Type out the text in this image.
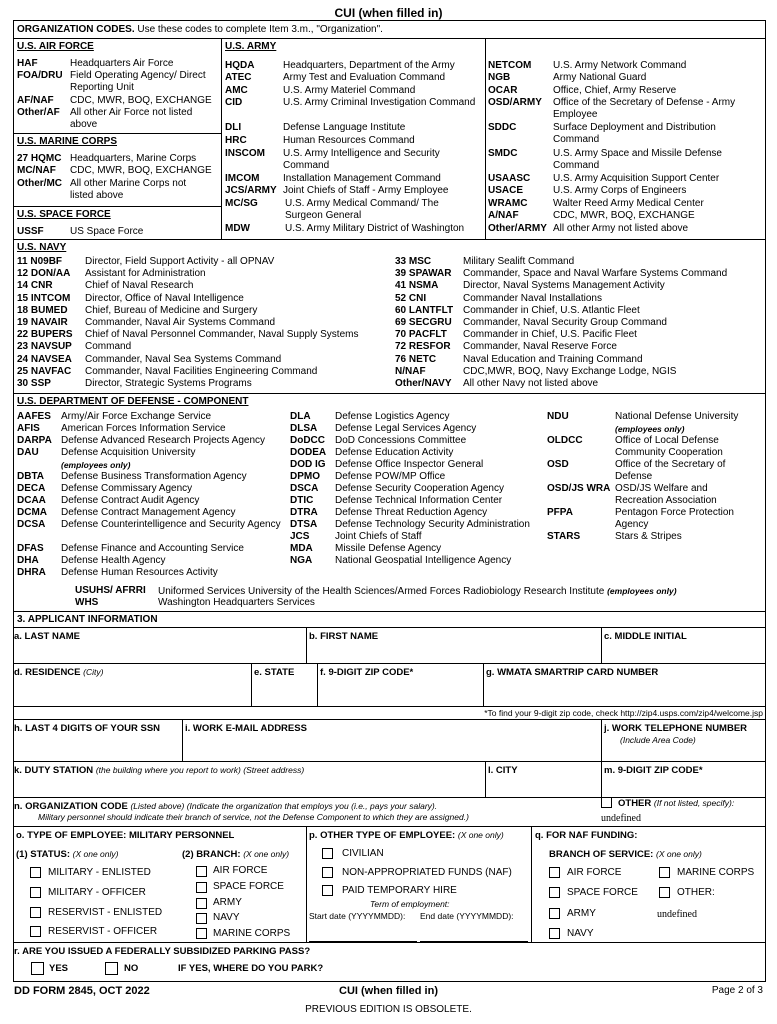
CUI (when filled in)
ORGANIZATION CODES. Use these codes to complete Item 3.m., "Organization".
U.S. AIR FORCE
HAF	Headquarters Air Force
FOA/DRU Field Operating Agency/ Direct Reporting Unit
AF/NAF CDC, MWR, BOQ, EXCHANGE
Other/AF All other Air Force not listed above
U.S. MARINE CORPS
27 HQMC Headquarters, Marine Corps
MC/NAF CDC, MWR, BOQ, EXCHANGE
Other/MC All other Marine Corps not listed above
U.S. SPACE FORCE
USSF	US Space Force
U.S. ARMY
HQDA	Headquarters, Department of the Army
ATEC	Army Test and Evaluation Command
AMC	U.S. Army Materiel Command
CID	U.S. Army Criminal Investigation Command
DLI	Defense Language Institute
HRC	Human Resources Command
INSCOM U.S. Army Intelligence and Security Command
IMCOM Installation Management Command
JCS/ARMY Joint Chiefs of Staff - Army Employee
MC/SG	U.S. Army Medical Command/ The Surgeon General
MDW	U.S. Army Military District of Washington
NETCOM U.S. Army Network Command
NGB	Army National Guard
OCAR	Office, Chief, Army Reserve
OSD/ARMY Office of the Secretary of Defense - Army Employee
SDDC	Surface Deployment and Distribution Command
SMDC	U.S. Army Space and Missile Defense Command
USAASC U.S. Army Acquisition Support Center
USACE	U.S. Army Corps of Engineers
WRAMC	Walter Reed Army Medical Center
A/NAF	CDC, MWR, BOQ, EXCHANGE
Other/ARMY All other Army not listed above
U.S. NAVY
11 N09BF Director, Field Support Activity - all OPNAV
12 DON/AA Assistant for Administration
14 CNR	Chief of Naval Research
15 INTCOM Director, Office of Naval Intelligence
18 BUMED Chief, Bureau of Medicine and Surgery
19 NAVAIR Commander, Naval Air Systems Command
22 BUPERS Chief of Naval Personnel Commander, Naval Supply Systems
23 NAVSUP Command
24 NAVSEA Commander, Naval Sea Systems Command
25 NAVFAC Commander, Naval Facilities Engineering Command
30 SSP	Director, Strategic Systems Programs
33 MSC	Military Sealift Command
39 SPAWAR Commander, Space and Naval Warfare Systems Command
41 NSMA Director, Naval Systems Management Activity
52 CNI	Commander Naval Installations
60 LANTFLT Commander in Chief, U.S. Atlantic Fleet
69 SECGRU Commander, Naval Security Group Command
70 PACFLT Commander in Chief, U.S. Pacific Fleet
72 RESFOR Commander, Naval Reserve Force
76 NETC	Naval Education and Training Command
N/NAF	CDC,MWR, BOQ, Navy Exchange Lodge, NGIS
Other/NAVY All other Navy not listed above
U.S. DEPARTMENT OF DEFENSE - COMPONENT
AAFES Army/Air Force Exchange Service
AFIS American Forces Information Service
DARPA Defense Advanced Research Projects Agency
DAU Defense Acquisition University
(employees only)
DBTA Defense Business Transformation Agency
DECA Defense Commissary Agency
DCAA Defense Contract Audit Agency
DCMA Defense Contract Management Agency
DCSA Defense Counterintelligence and Security Agency
DFAS Defense Finance and Accounting Service
DHA Defense Health Agency
DHRA Defense Human Resources Activity
DLA Defense Logistics Agency
DLSA Defense Legal Services Agency
DoDCC DoD Concessions Committee
DODEA Defense Education Activity
DOD IG Defense Office Inspector General
DPMO Defense POW/MP Office
DSCA Defense Security Cooperation Agency
DTIC Defense Technical Information Center
DTRA Defense Threat Reduction Agency
DTSA Defense Technology Security Administration
JCS	Joint Chiefs of Staff
MDA Missile Defense Agency
NGA National Geospatial Intelligence Agency
NDU	National Defense University
(employees only)
OLDCC	Office of Local Defense Community Cooperation
OSD	Office of the Secretary of Defense
OSD/JS WRA OSD/JS Welfare and Recreation Association
PFPA	Pentagon Force Protection Agency
STARS	Stars & Stripes
USUHS/ AFRRI Uniformed Services University of the Health Sciences/Armed Forces Radiobiology Research Institute (employees only)
WHS	Washington Headquarters Services
3. APPLICANT INFORMATION
a. LAST NAME	b. FIRST NAME	c. MIDDLE INITIAL
d. RESIDENCE (City)	e. STATE	f. 9-DIGIT ZIP CODE*	g. WMATA SMARTRIP CARD NUMBER
*To find your 9-digit zip code, check http://zip4.usps.com/zip4/welcome.jsp
h. LAST 4 DIGITS OF YOUR SSN	i. WORK E-MAIL ADDRESS	j. WORK TELEPHONE NUMBER
(Include Area Code)
k. DUTY STATION (the building where you report to work) (Street address)	l. CITY	m. 9-DIGIT ZIP CODE*
n. ORGANIZATION CODE (Listed above) (Indicate the organization that employs you (i.e., pays your salary).
Military personnel should indicate their branch of service, not the Defense Component to which they are assigned.)
OTHER (If not listed, specify):
undefined
o. TYPE OF EMPLOYEE: MILITARY PERSONNEL
(1) STATUS: (X one only)
MILITARY - ENLISTED
MILITARY - OFFICER
RESERVIST - ENLISTED
RESERVIST - OFFICER
(2) BRANCH: (X one only)
AIR FORCE
SPACE FORCE
ARMY
NAVY
MARINE CORPS
p. OTHER TYPE OF EMPLOYEE: (X one only)
CIVILIAN
NON-APPROPRIATED FUNDS (NAF)
PAID TEMPORARY HIRE
Term of employment:
Start date (YYYYMMDD): End date (YYYYMMDD):
q. FOR NAF FUNDING:
BRANCH OF SERVICE: (X one only)
AIR FORCE
SPACE FORCE
ARMY
NAVY
MARINE CORPS
OTHER:
undefined
r. ARE YOU ISSUED A FEDERALLY SUBSIDIZED PARKING PASS?
YES	NO	IF YES, WHERE DO YOU PARK?
DD FORM 2845, OCT 2022	CUI (when filled in)	Page 2 of 3
PREVIOUS EDITION IS OBSOLETE.
